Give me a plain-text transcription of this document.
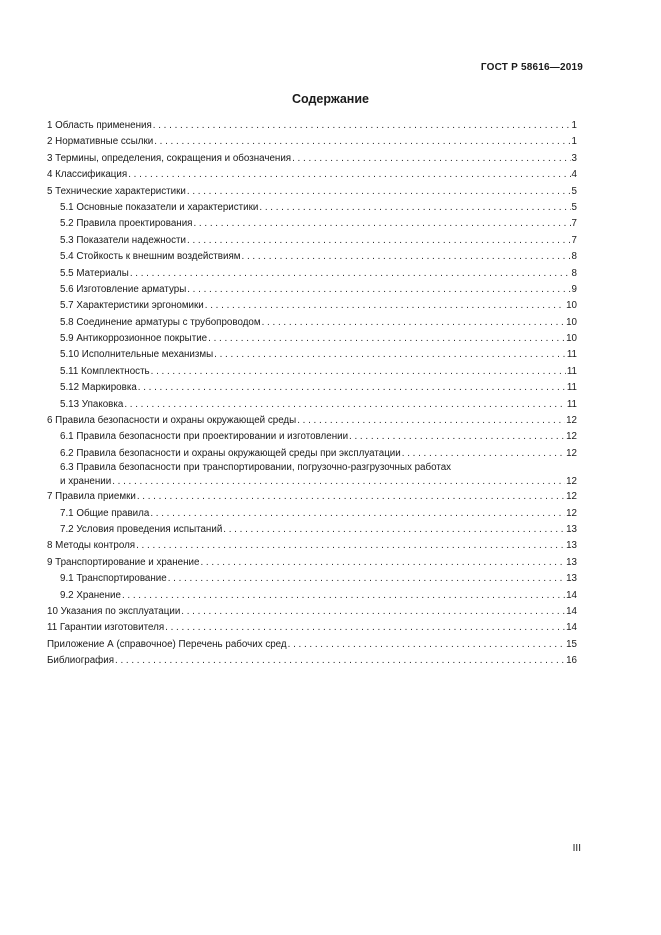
ГОСТ Р 58616—2019
Содержание
1 Область применения . . .	1
2 Нормативные ссылки . . .	1
3 Термины, определения, сокращения и обозначения . . .	3
4 Классификация . . .	4
5 Технические характеристики . . .	5
5.1 Основные показатели и характеристики . . .	5
5.2 Правила проектирования . . .	7
5.3 Показатели надежности . . .	7
5.4 Стойкость к внешним воздействиям . . .	8
5.5 Материалы . . .	8
5.6 Изготовление арматуры . . .	9
5.7 Характеристики эргономики . . .	10
5.8 Соединение арматуры с трубопроводом . . .	10
5.9 Антикоррозионное покрытие . . .	10
5.10 Исполнительные механизмы . . .	11
5.11 Комплектность . . .	11
5.12 Маркировка . . .	11
5.13 Упаковка . . .	11
6 Правила безопасности и охраны окружающей среды . . .	12
6.1 Правила безопасности при проектировании и изготовлении . . .	12
6.2 Правила безопасности и охраны окружающей среды при эксплуатации . . .	12
6.3 Правила безопасности при транспортировании, погрузочно-разгрузочных работах
и хранении . . .	12
7 Правила приемки . . .	12
7.1 Общие правила . . .	12
7.2 Условия проведения испытаний . . .	13
8 Методы контроля . . .	13
9 Транспортирование и хранение . . .	13
9.1 Транспортирование . . .	13
9.2 Хранение . . .	14
10 Указания по эксплуатации . . .	14
11 Гарантии изготовителя . . .	14
Приложение А (справочное) Перечень рабочих сред . . .	15
Библиография . . .	16
III
